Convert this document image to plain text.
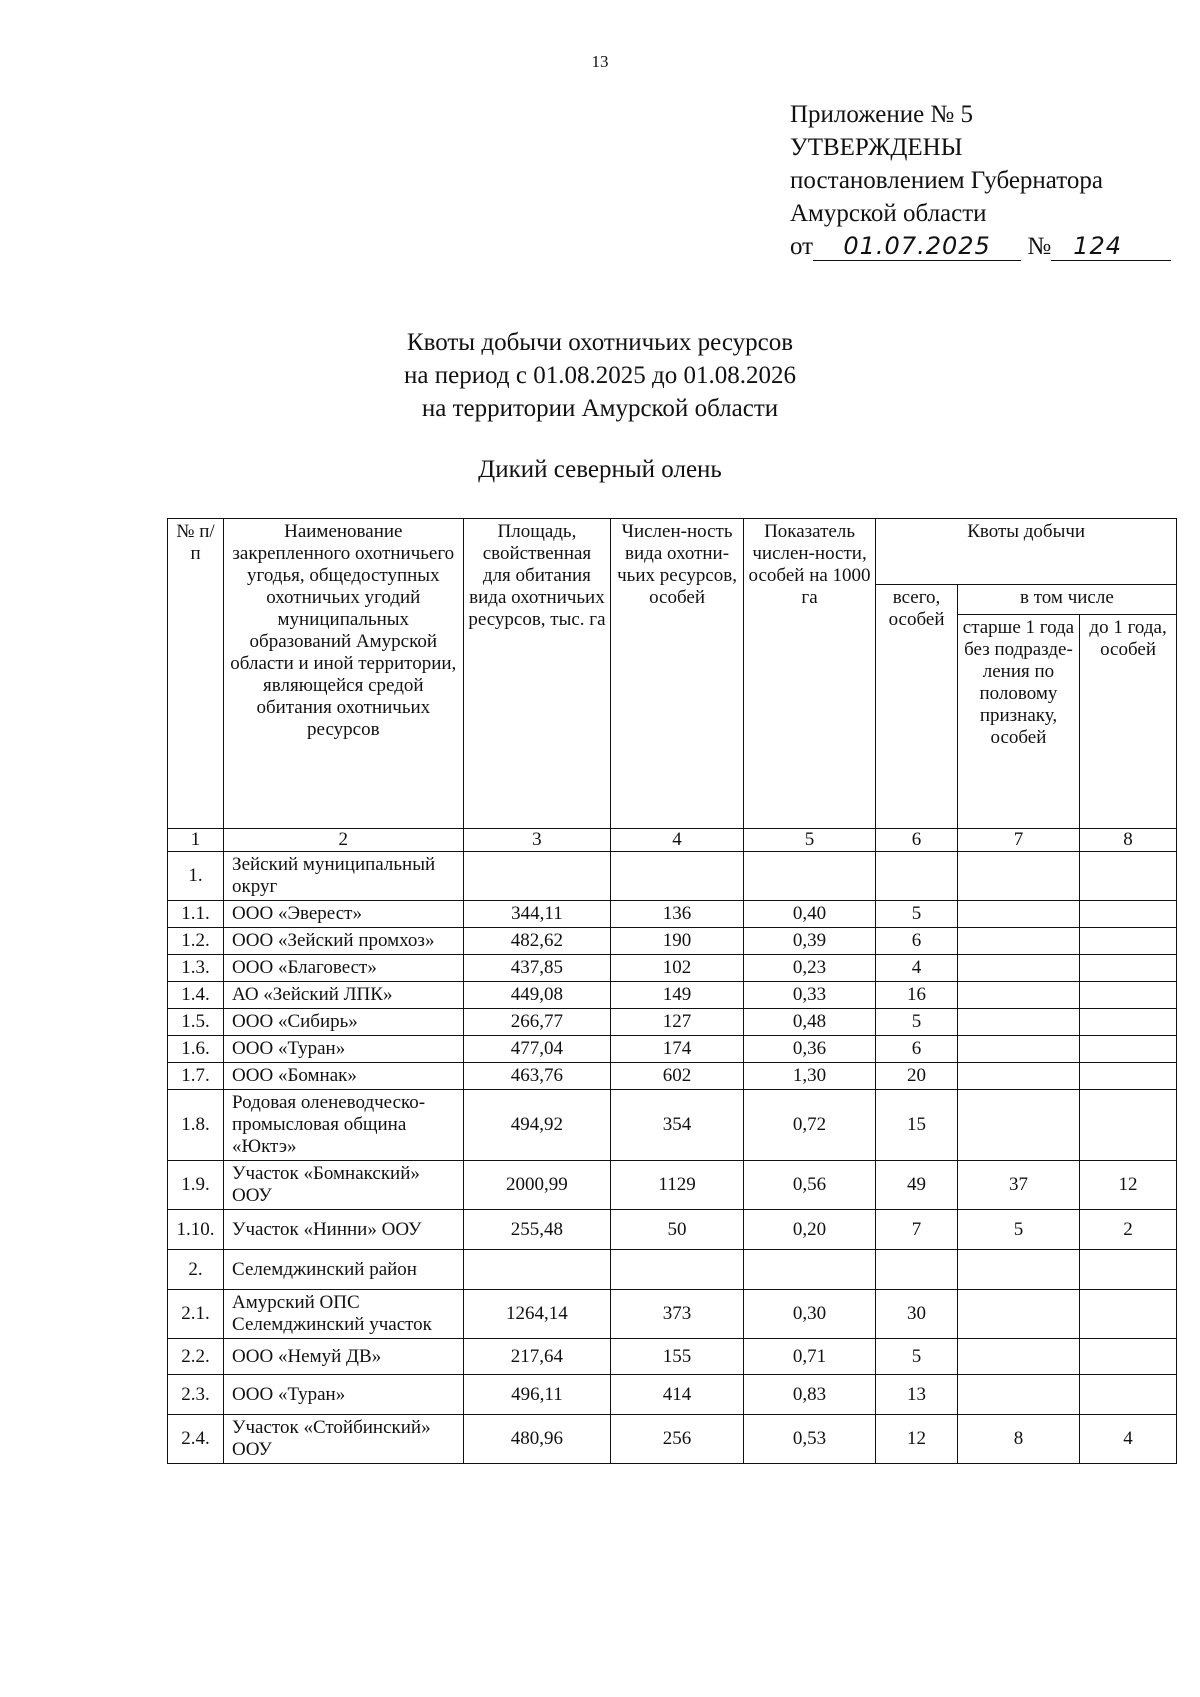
13
Приложение № 5
УТВЕРЖДЕНЫ
постановлением Губернатора
Амурской области
от 01.07.2025 № 124
Квоты добычи охотничьих ресурсов
на период с 01.08.2025 до 01.08.2026
на территории Амурской области
Дикий северный олень
№ п/п	Наименование закрепленного охотничьего угодья, общедоступных охотничьих угодий муниципальных образований Амурской области и иной территории, являющейся средой обитания охотничьих ресурсов	Площадь, свойственная для обитания вида охотничьих ресурсов, тыс. га	Числен-ность вида охотни-чьих ресурсов, особей	Показатель числен-ности, особей на 1000 га	Квоты добычи		
					всего, особей	в том числе	
						старше 1 года без подразде-ления по половому признаку, особей	до 1 года, особей
1	2	3	4	5	6	7	8
1.	Зейский муниципальный округ						
1.1.	ООО «Эверест»	344,11	136	0,40	5		
1.2.	ООО «Зейский промхоз»	482,62	190	0,39	6		
1.3.	ООО «Благовест»	437,85	102	0,23	4		
1.4.	АО «Зейский ЛПК»	449,08	149	0,33	16		
1.5.	ООО «Сибирь»	266,77	127	0,48	5		
1.6.	ООО «Туран»	477,04	174	0,36	6		
1.7.	ООО «Бомнак»	463,76	602	1,30	20		
1.8.	Родовая оленеводческо-промысловая община «Юктэ»	494,92	354	0,72	15		
1.9.	Участок «Бомнакский» ООУ	2000,99	1129	0,56	49	37	12
1.10.	Участок «Нинни» ООУ	255,48	50	0,20	7	5	2
2.	Селемджинский район						
2.1.	Амурский ОПС Селемджинский участок	1264,14	373	0,30	30		
2.2.	ООО «Немуй ДВ»	217,64	155	0,71	5		
2.3.	ООО «Туран»	496,11	414	0,83	13		
2.4.	Участок «Стойбинский» ООУ	480,96	256	0,53	12	8	4
